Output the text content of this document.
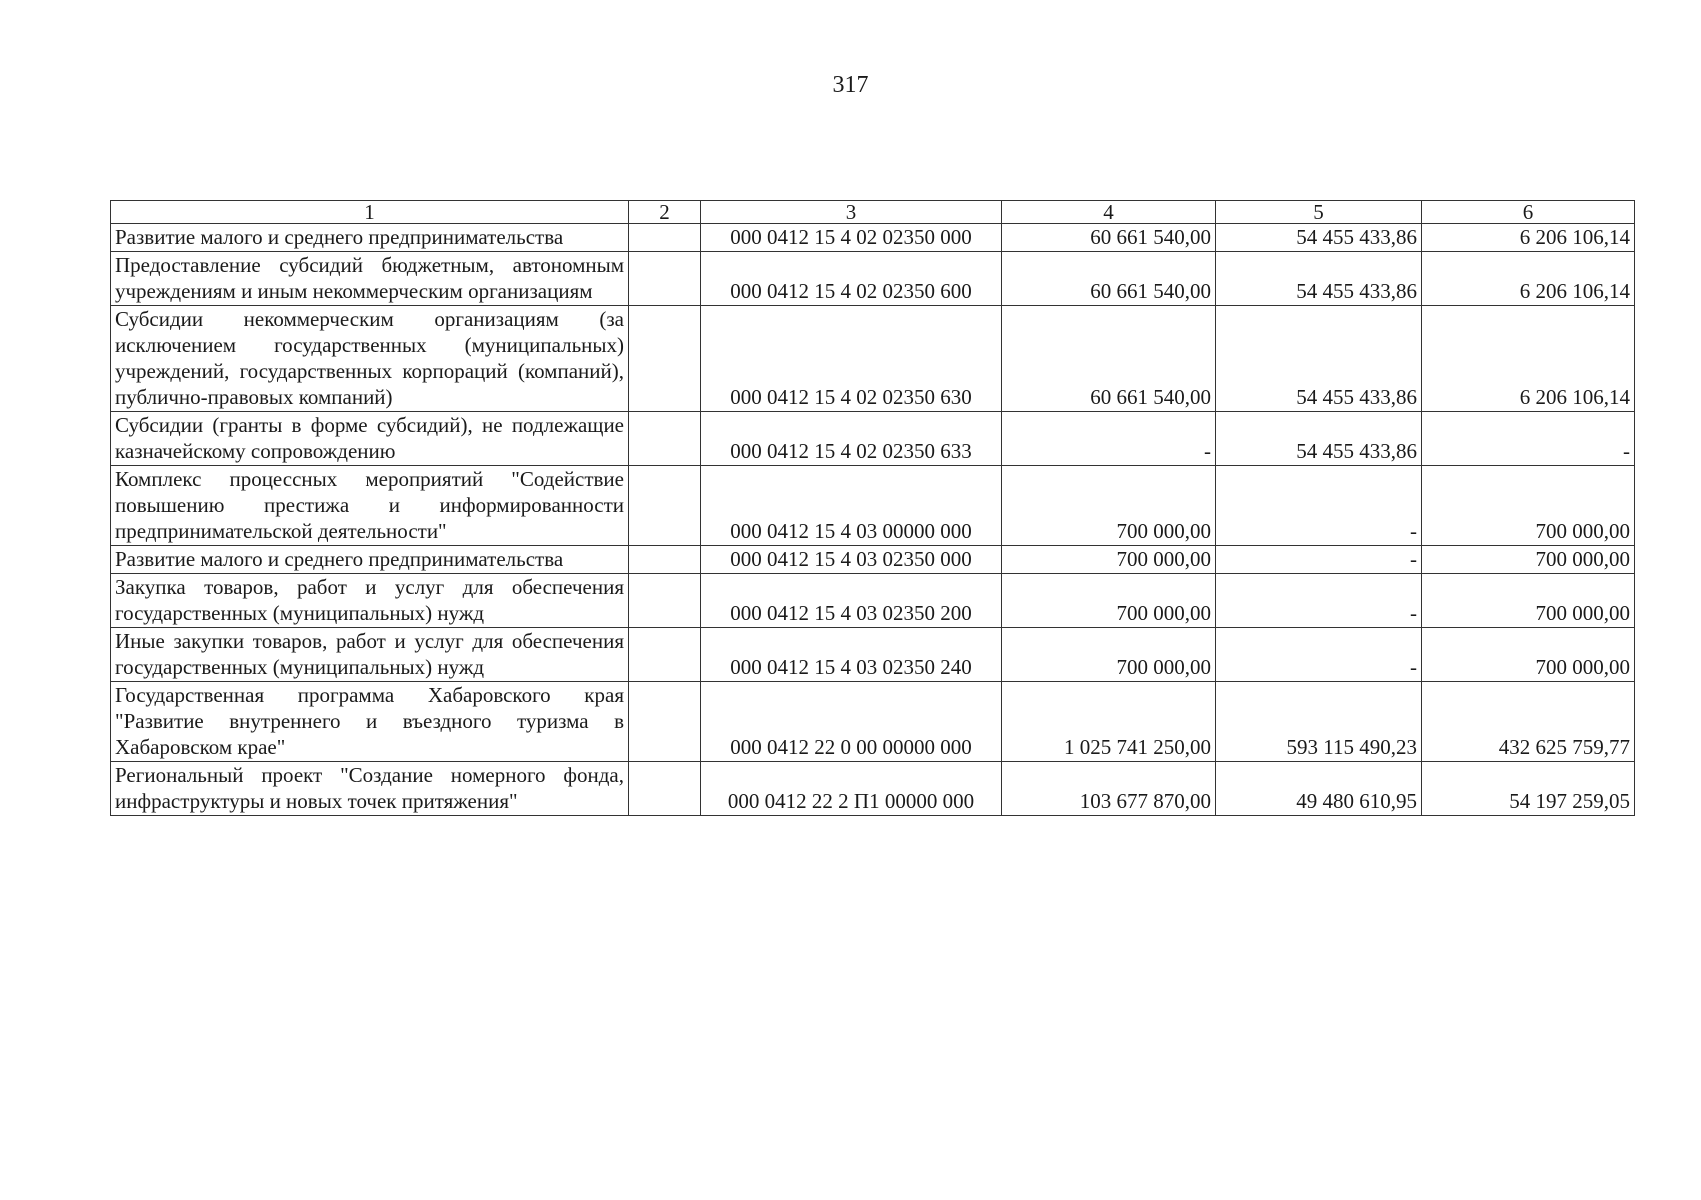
317
1	2	3	4	5	6
Развитие малого и среднего предпринимательства		000 0412 15 4 02 02350 000	60 661 540,00	54 455 433,86	6 206 106,14
Предоставление субсидий бюджетным, автономным учреждениям и иным некоммерческим организациям		000 0412 15 4 02 02350 600	60 661 540,00	54 455 433,86	6 206 106,14
Субсидии некоммерческим организациям (за исключением государственных (муниципальных) учреждений, государственных корпораций (компаний), публично-правовых компаний)		000 0412 15 4 02 02350 630	60 661 540,00	54 455 433,86	6 206 106,14
Субсидии (гранты в форме субсидий), не подлежащие казначейскому сопровождению		000 0412 15 4 02 02350 633	-	54 455 433,86	-
Комплекс процессных мероприятий "Содействие повышению престижа и информированности предпринимательской деятельности"		000 0412 15 4 03 00000 000	700 000,00	-	700 000,00
Развитие малого и среднего предпринимательства		000 0412 15 4 03 02350 000	700 000,00	-	700 000,00
Закупка товаров, работ и услуг для обеспечения государственных (муниципальных) нужд		000 0412 15 4 03 02350 200	700 000,00	-	700 000,00
Иные закупки товаров, работ и услуг для обеспечения государственных (муниципальных) нужд		000 0412 15 4 03 02350 240	700 000,00	-	700 000,00
Государственная программа Хабаровского края "Развитие внутреннего и въездного туризма в Хабаровском крае"		000 0412 22 0 00 00000 000	1 025 741 250,00	593 115 490,23	432 625 759,77
Региональный проект "Создание номерного фонда, инфраструктуры и новых точек притяжения"		000 0412 22 2 П1 00000 000	103 677 870,00	49 480 610,95	54 197 259,05
